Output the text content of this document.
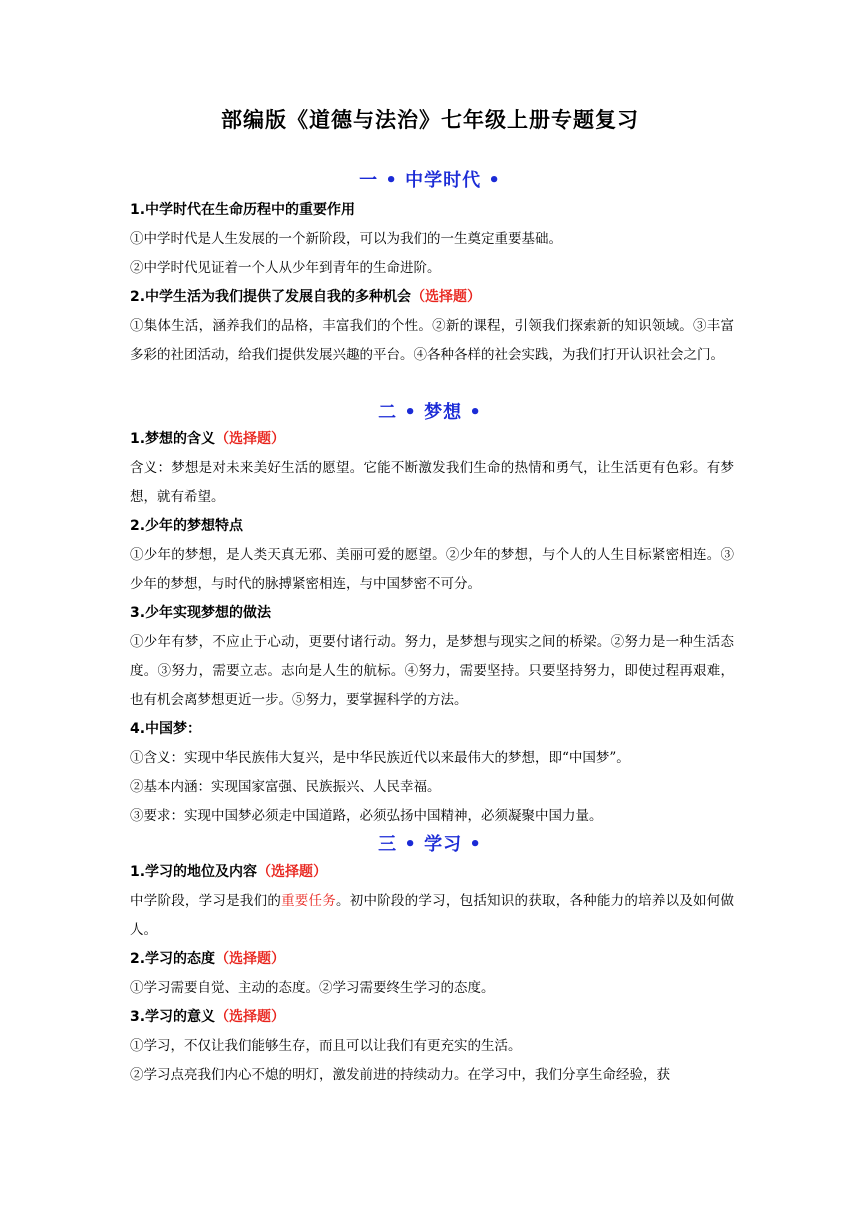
部编版《道德与法治》七年级上册专题复习
一 • 中学时代 •

1.中学时代在生命历程中的重要作用

①中学时代是人生发展的一个新阶段，可以为我们的一生奠定重要基础。

②中学时代见证着一个人从少年到青年的生命进阶。

2.中学生活为我们提供了发展自我的多种机会（选择题）

①集体生活，涵养我们的品格，丰富我们的个性。②新的课程，引领我们探索新的知识领域。③丰富多彩的社团活动，给我们提供发展兴趣的平台。④各种各样的社会实践，为我们打开认识社会之门。

二 • 梦想 •

1.梦想的含义（选择题）

含义：梦想是对未来美好生活的愿望。它能不断激发我们生命的热情和勇气，让生活更有色彩。有梦想，就有希望。

2.少年的梦想特点

①少年的梦想，是人类天真无邪、美丽可爱的愿望。②少年的梦想，与个人的人生目标紧密相连。③少年的梦想，与时代的脉搏紧密相连，与中国梦密不可分。

3.少年实现梦想的做法

①少年有梦，不应止于心动，更要付诸行动。努力，是梦想与现实之间的桥梁。②努力是一种生活态度。③努力，需要立志。志向是人生的航标。④努力，需要坚持。只要坚持努力，即使过程再艰难，也有机会离梦想更近一步。⑤努力，要掌握科学的方法。

4.中国梦：

①含义：实现中华民族伟大复兴，是中华民族近代以来最伟大的梦想，即“中国梦”。

②基本内涵：实现国家富强、民族振兴、人民幸福。

③要求：实现中国梦必须走中国道路，必须弘扬中国精神，必须凝聚中国力量。

三 • 学习 •

1.学习的地位及内容（选择题）

中学阶段，学习是我们的重要任务。初中阶段的学习，包括知识的获取，各种能力的培养以及如何做人。

2.学习的态度（选择题）

①学习需要自觉、主动的态度。②学习需要终生学习的态度。

3.学习的意义（选择题）

①学习，不仅让我们能够生存，而且可以让我们有更充实的生活。

②学习点亮我们内心不熄的明灯，激发前进的持续动力。在学习中，我们分享生命经验，获
